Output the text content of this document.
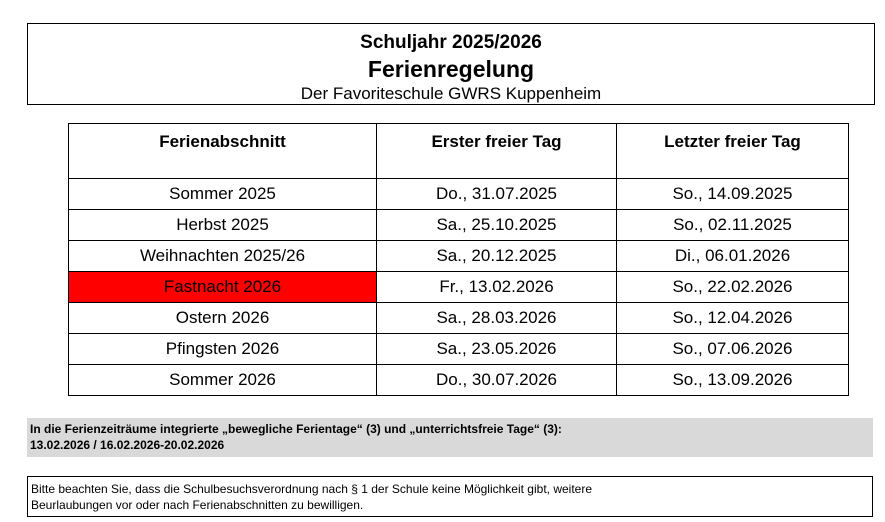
Schuljahr 2025/2026
Ferienregelung
Der Favoriteschule GWRS Kuppenheim
Ferienabschnitt	Erster freier Tag	Letzter freier Tag
Sommer 2025	Do., 31.07.2025	So., 14.09.2025
Herbst 2025	Sa., 25.10.2025	So., 02.11.2025
Weihnachten 2025/26	Sa., 20.12.2025	Di., 06.01.2026
Fastnacht 2026	Fr., 13.02.2026	So., 22.02.2026
Ostern 2026	Sa., 28.03.2026	So., 12.04.2026
Pfingsten 2026	Sa., 23.05.2026	So., 07.06.2026
Sommer 2026	Do., 30.07.2026	So., 13.09.2026
In die Ferienzeiträume integrierte „bewegliche Ferientage“ (3) und „unterrichtsfreie Tage“ (3):
13.02.2026 / 16.02.2026-20.02.2026
Bitte beachten Sie, dass die Schulbesuchsverordnung nach § 1 der Schule keine Möglichkeit gibt, weitere
Beurlaubungen vor oder nach Ferienabschnitten zu bewilligen.
